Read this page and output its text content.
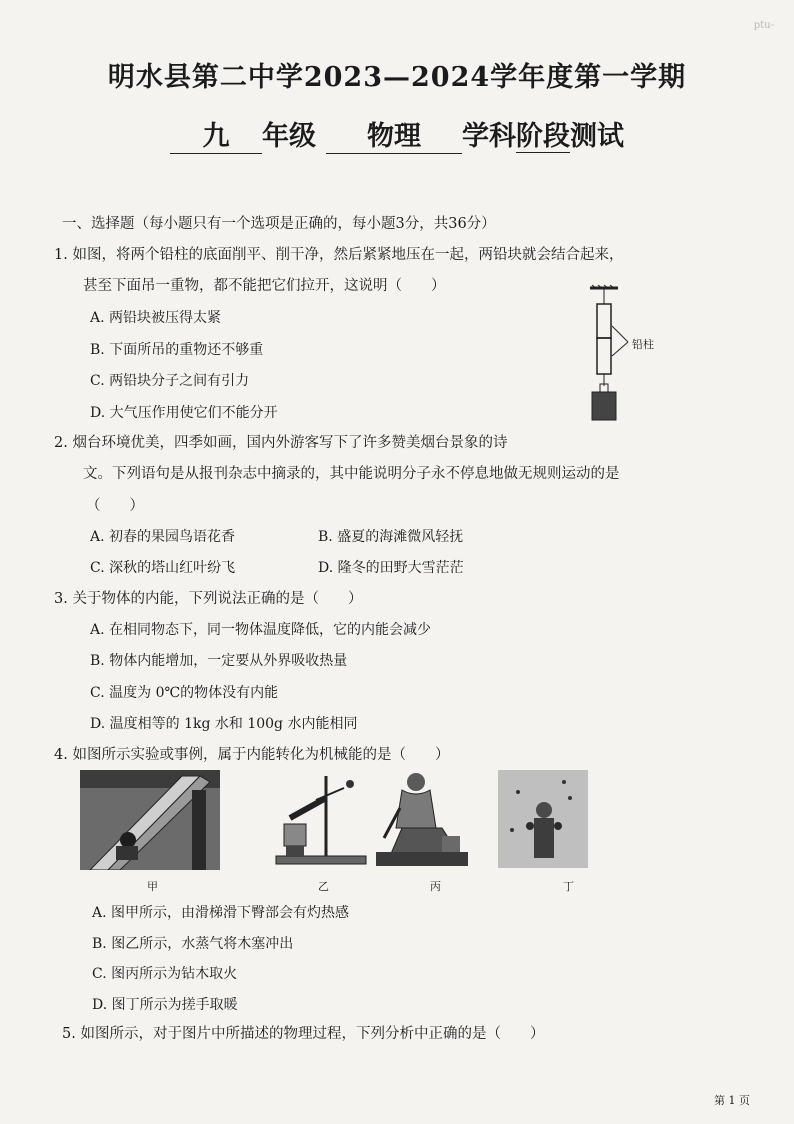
ptu-
明水县第二中学2023—2024学年度第一学期
九 年级 物理 学科阶段测试
一、选择题（每小题只有一个选项是正确的，每小题3分，共36分）
1. 如图，将两个铅柱的底面削平、削干净，然后紧紧地压在一起，两铅块就会结合起来，
甚至下面吊一重物，都不能把它们拉开，这说明（　　）
A. 两铅块被压得太紧
B. 下面所吊的重物还不够重
C. 两铅块分子之间有引力
D. 大气压作用使它们不能分开
铅柱
2. 烟台环境优美，四季如画，国内外游客写下了许多赞美烟台景象的诗
文。下列语句是从报刊杂志中摘录的，其中能说明分子永不停息地做无规则运动的是
（　　）
A. 初春的果园鸟语花香	B. 盛夏的海滩微风轻抚
C. 深秋的塔山红叶纷飞	D. 隆冬的田野大雪茫茫
3. 关于物体的内能，下列说法正确的是（　　）
A. 在相同物态下，同一物体温度降低，它的内能会减少
B. 物体内能增加，一定要从外界吸收热量
C. 温度为 0℃的物体没有内能
D. 温度相等的 1kg 水和 100g 水内能相同
4. 如图所示实验或事例，属于内能转化为机械能的是（　　）
甲	乙	丙	丁
A. 图甲所示，由滑梯滑下臀部会有灼热感
B. 图乙所示，水蒸气将木塞冲出
C. 图丙所示为钻木取火
D. 图丁所示为搓手取暖
5. 如图所示，对于图片中所描述的物理过程，下列分析中正确的是（　　）
第 1 页
